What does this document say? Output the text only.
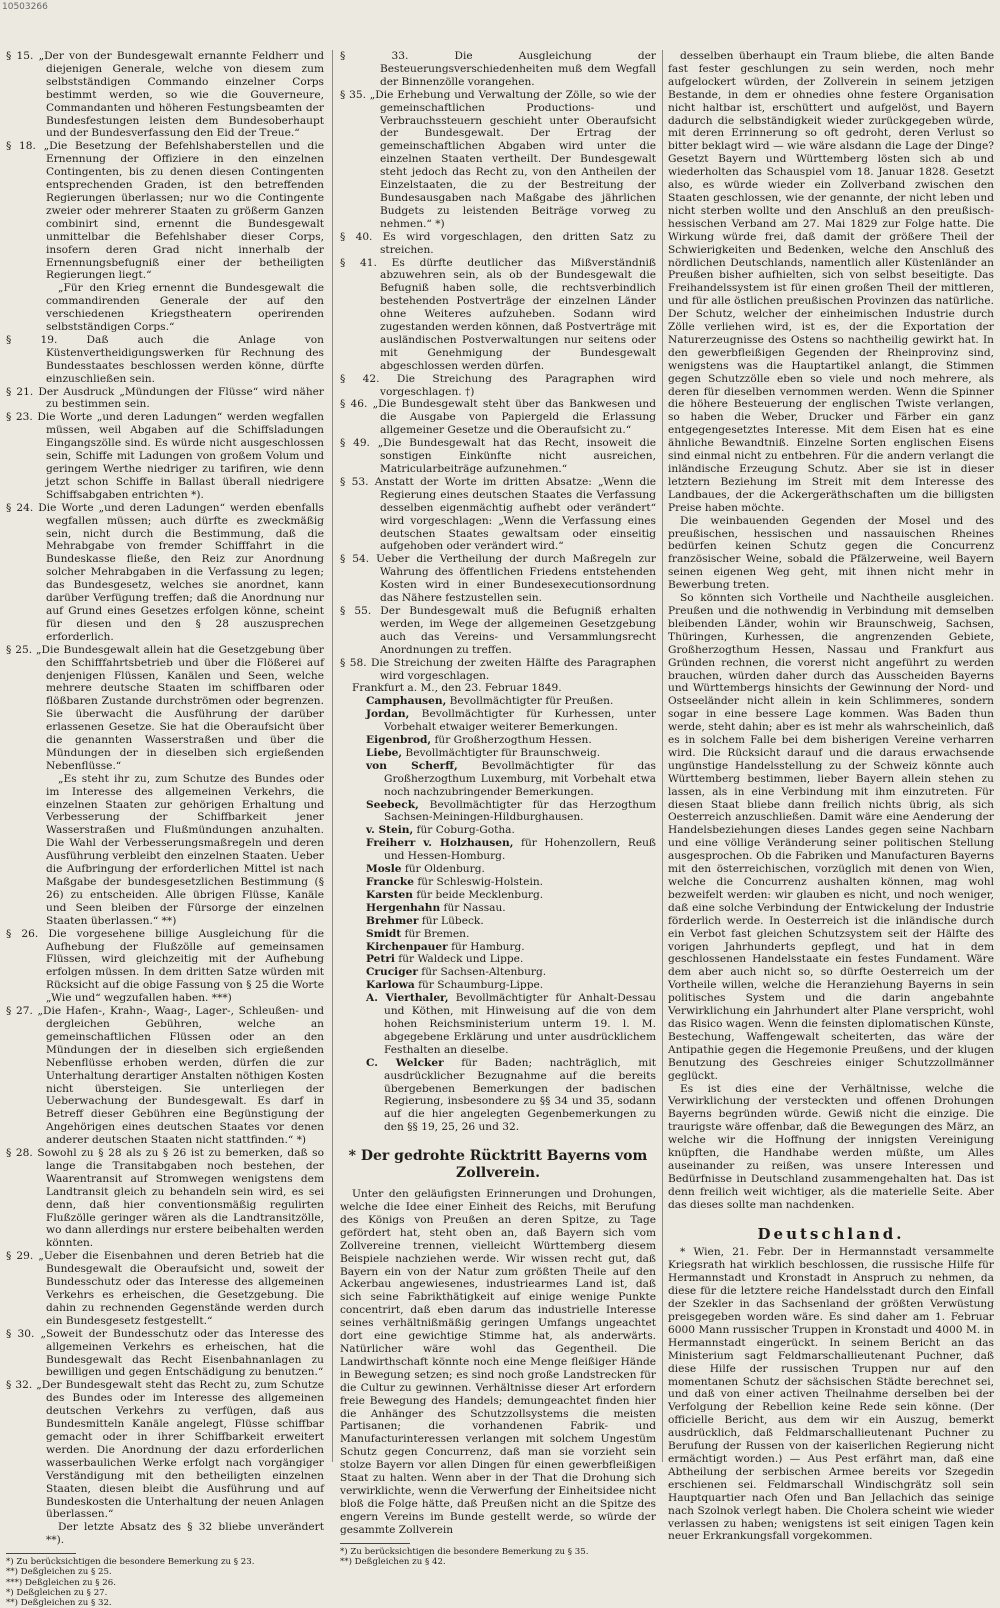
10503266

§ 15. „Der von der Bundesgewalt ernannte Feldherr und diejenigen Generale, welche von diesem zum selbstständigen Commando einzelner Corps bestimmt werden, so wie die Gouverneure, Commandanten und höheren Festungsbeamten der Bundesfestungen leisten dem Bundesoberhaupt und der Bundesverfassung den Eid der Treue.“

§ 18. „Die Besetzung der Befehlshaberstellen und die Ernennung der Offiziere in den einzelnen Contingenten, bis zu denen diesen Contingenten entsprechenden Graden, ist den betreffenden Regierungen überlassen; nur wo die Contingente zweier oder mehrerer Staaten zu größerm Ganzen combinirt sind, ernennt die Bundesgewalt unmittelbar die Befehlshaber dieser Corps, insofern deren Grad nicht innerhalb der Ernennungsbefugniß einer der betheiligten Regierungen liegt.“

„Für den Krieg ernennt die Bundesgewalt die commandirenden Generale der auf den verschiedenen Kriegstheatern operirenden selbstständigen Corps.“

§ 19. Daß auch die Anlage von Küstenvertheidigungswerken für Rechnung des Bundesstaates beschlossen werden könne, dürfte einzuschließen sein.

§ 21. Der Ausdruck „Mündungen der Flüsse“ wird näher zu bestimmen sein.

§ 23. Die Worte „und deren Ladungen“ werden wegfallen müssen, weil Abgaben auf die Schiffsladungen Eingangszölle sind. Es würde nicht ausgeschlossen sein, Schiffe mit Ladungen von großem Volum und geringem Werthe niedriger zu tarifiren, wie denn jetzt schon Schiffe in Ballast überall niedrigere Schiffsabgaben entrichten *).

§ 24. Die Worte „und deren Ladungen“ werden ebenfalls wegfallen müssen; auch dürfte es zweckmäßig sein, nicht durch die Bestimmung, daß die Mehrabgabe von fremder Schifffahrt in die Bundeskasse fließe, den Reiz zur Anordnung solcher Mehrabgaben in die Verfassung zu legen; das Bundesgesetz, welches sie anordnet, kann darüber Verfügung treffen; daß die Anordnung nur auf Grund eines Gesetzes erfolgen könne, scheint für diesen und den § 28 auszusprechen erforderlich.

§ 25. „Die Bundesgewalt allein hat die Gesetzgebung über den Schifffahrtsbetrieb und über die Flößerei auf denjenigen Flüssen, Kanälen und Seen, welche mehrere deutsche Staaten im schiffbaren oder flößbaren Zustande durchströmen oder begrenzen. Sie überwacht die Ausführung der darüber erlassenen Gesetze. Sie hat die Oberaufsicht über die genannten Wasserstraßen und über die Mündungen der in dieselben sich ergießenden Nebenflüsse.“

„Es steht ihr zu, zum Schutze des Bundes oder im Interesse des allgemeinen Verkehrs, die einzelnen Staaten zur gehörigen Erhaltung und Verbesserung der Schiffbarkeit jener Wasserstraßen und Flußmündungen anzuhalten. Die Wahl der Verbesserungsmaßregeln und deren Ausführung verbleibt den einzelnen Staaten. Ueber die Aufbringung der erforderlichen Mittel ist nach Maßgabe der bundesgesetzlichen Bestimmung (§ 26) zu entscheiden. Alle übrigen Flüsse, Kanäle und Seen bleiben der Fürsorge der einzelnen Staaten überlassen.“ **)

§ 26. Die vorgesehene billige Ausgleichung für die Aufhebung der Flußzölle auf gemeinsamen Flüssen, wird gleichzeitig mit der Aufhebung erfolgen müssen. In dem dritten Satze würden mit Rücksicht auf die obige Fassung von § 25 die Worte „Wie und“ wegzufallen haben. ***)

§ 27. „Die Hafen-, Krahn-, Waag-, Lager-, Schleußen- und dergleichen Gebühren, welche an gemeinschaftlichen Flüssen oder an den Mündungen der in dieselben sich ergießenden Nebenflüsse erhoben werden, dürfen die zur Unterhaltung derartiger Anstalten nöthigen Kosten nicht übersteigen. Sie unterliegen der Ueberwachung der Bundesgewalt. Es darf in Betreff dieser Gebühren eine Begünstigung der Angehörigen eines deutschen Staates vor denen anderer deutschen Staaten nicht stattfinden.“ *)

§ 28. Sowohl zu § 28 als zu § 26 ist zu bemerken, daß so lange die Transitabgaben noch bestehen, der Waarentransit auf Stromwegen wenigstens dem Landtransit gleich zu behandeln sein wird, es sei denn, daß hier conventionsmäßig regulirten Flußzölle geringer wären als die Landtransitzölle, wo dann allerdings nur erstere beibehalten werden könnten.

§ 29. „Ueber die Eisenbahnen und deren Betrieb hat die Bundesgewalt die Oberaufsicht und, soweit der Bundesschutz oder das Interesse des allgemeinen Verkehrs es erheischen, die Gesetzgebung. Die dahin zu rechnenden Gegenstände werden durch ein Bundesgesetz festgestellt.“

§ 30. „Soweit der Bundesschutz oder das Interesse des allgemeinen Verkehrs es erheischen, hat die Bundesgewalt das Recht Eisenbahnanlagen zu bewilligen und gegen Entschädigung zu benutzen.“

§ 32. „Der Bundesgewalt steht das Recht zu, zum Schutze des Bundes oder im Interesse des allgemeinen deutschen Verkehrs zu verfügen, daß aus Bundesmitteln Kanäle angelegt, Flüsse schiffbar gemacht oder in ihrer Schiffbarkeit erweitert werden. Die Anordnung der dazu erforderlichen wasserbaulichen Werke erfolgt nach vorgängiger Verständigung mit den betheiligten einzelnen Staaten, diesen bleibt die Ausführung und auf Bundeskosten die Unterhaltung der neuen Anlagen überlassen.“

Der letzte Absatz des § 32 bliebe unverändert **).

*) Zu berücksichtigen die besondere Bemerkung zu § 23.

**) Deßgleichen zu § 25.

***) Deßgleichen zu § 26.

*) Deßgleichen zu § 27.

**) Deßgleichen zu § 32.

§ 33. Die Ausgleichung der Besteuerungsverschiedenheiten muß dem Wegfall der Binnenzölle vorangehen.

§ 35. „Die Erhebung und Verwaltung der Zölle, so wie der gemeinschaftlichen Productions- und Verbrauchssteuern geschieht unter Oberaufsicht der Bundesgewalt. Der Ertrag der gemeinschaftlichen Abgaben wird unter die einzelnen Staaten vertheilt. Der Bundesgewalt steht jedoch das Recht zu, von den Antheilen der Einzelstaaten, die zu der Bestreitung der Bundesausgaben nach Maßgabe des jährlichen Budgets zu leistenden Beiträge vorweg zu nehmen.“ *)

§ 40. Es wird vorgeschlagen, den dritten Satz zu streichen.

§ 41. Es dürfte deutlicher das Mißverständniß abzuwehren sein, als ob der Bundesgewalt die Befugniß haben solle, die rechtsverbindlich bestehenden Postverträge der einzelnen Länder ohne Weiteres aufzuheben. Sodann wird zugestanden werden können, daß Postverträge mit ausländischen Postverwaltungen nur seitens oder mit Genehmigung der Bundesgewalt abgeschlossen werden dürfen.

§ 42. Die Streichung des Paragraphen wird vorgeschlagen. †)

§ 46. „Die Bundesgewalt steht über das Bankwesen und die Ausgabe von Papiergeld die Erlassung allgemeiner Gesetze und die Oberaufsicht zu.“

§ 49. „Die Bundesgewalt hat das Recht, insoweit die sonstigen Einkünfte nicht ausreichen, Matricularbeiträge aufzunehmen.“

§ 53. Anstatt der Worte im dritten Absatze: „Wenn die Regierung eines deutschen Staates die Verfassung desselben eigenmächtig aufhebt oder verändert“ wird vorgeschlagen: „Wenn die Verfassung eines deutschen Staates gewaltsam oder einseitig aufgehoben oder verändert wird.“

§ 54. Ueber die Vertheilung der durch Maßregeln zur Wahrung des öffentlichen Friedens entstehenden Kosten wird in einer Bundesexecutionsordnung das Nähere festzustellen sein.

§ 55. Der Bundesgewalt muß die Befugniß erhalten werden, im Wege der allgemeinen Gesetzgebung auch das Vereins- und Versammlungsrecht Anordnungen zu treffen.

§ 58. Die Streichung der zweiten Hälfte des Paragraphen wird vorgeschlagen.

Frankfurt a. M., den 23. Februar 1849.

Camphausen, Bevollmächtigter für Preußen.

Jordan, Bevollmächtigter für Kurhessen, unter Vorbehalt etwaiger weiterer Bemerkungen.

Eigenbrod, für Großherzogthum Hessen.

Liebe, Bevollmächtigter für Braunschweig.

von Scherff, Bevollmächtigter für das Großherzogthum Luxemburg, mit Vorbehalt etwa noch nachzubringender Bemerkungen.

Seebeck, Bevollmächtigter für das Herzogthum Sachsen-Meiningen-Hildburghausen.

v. Stein, für Coburg-Gotha.

Freiherr v. Holzhausen, für Hohenzollern, Reuß und Hessen-Homburg.

Mosle für Oldenburg.

Francke für Schleswig-Holstein.

Karsten für beide Mecklenburg.

Hergenhahn für Nassau.

Brehmer für Lübeck.

Smidt für Bremen.

Kirchenpauer für Hamburg.

Petri für Waldeck und Lippe.

Cruciger für Sachsen-Altenburg.

Karlowa für Schaumburg-Lippe.

A. Vierthaler, Bevollmächtigter für Anhalt-Dessau und Köthen, mit Hinweisung auf die von dem hohen Reichsministerium unterm 19. l. M. abgegebene Erklärung und unter ausdrücklichem Festhalten an dieselbe.

C. Welcker für Baden; nachträglich, mit ausdrücklicher Bezugnahme auf die bereits übergebenen Bemerkungen der badischen Regierung, insbesondere zu §§ 34 und 35, sodann auf die hier angelegten Gegenbemerkungen zu den §§ 19, 25, 26 und 32.

* Der gedrohte Rücktritt Bayerns vom Zollverein.

Unter den geläufigsten Erinnerungen und Drohungen, welche die Idee einer Einheit des Reichs, mit Berufung des Königs von Preußen an deren Spitze, zu Tage gefördert hat, steht oben an, daß Bayern sich vom Zollvereine trennen, vielleicht Württemberg diesem Beispiele nachziehen werde. Wir wissen recht gut, daß Bayern ein von der Natur zum größten Theile auf den Ackerbau angewiesenes, industriearmes Land ist, daß sich seine Fabrikthätigkeit auf einige wenige Punkte concentrirt, daß eben darum das industrielle Interesse seines verhältnißmäßig geringen Umfangs ungeachtet dort eine gewichtige Stimme hat, als anderwärts. Natürlicher wäre wohl das Gegentheil. Die Landwirthschaft könnte noch eine Menge fleißiger Hände in Bewegung setzen; es sind noch große Landstrecken für die Cultur zu gewinnen. Verhältnisse dieser Art erfordern freie Bewegung des Handels; demungeachtet finden hier die Anhänger des Schutzzollsystems die meisten Partisanen; die vorhandenen Fabrik- und Manufacturinteressen verlangen mit solchem Ungestüm Schutz gegen Concurrenz, daß man sie vorzieht sein stolze Bayern vor allen Dingen für einen gewerbfleißigen Staat zu halten. Wenn aber in der That die Drohung sich verwirklichte, wenn die Verwerfung der Einheitsidee nicht bloß die Folge hätte, daß Preußen nicht an die Spitze des engern Vereins im Bunde gestellt werde, so würde der gesammte Zollverein

*) Zu berücksichtigen die besondere Bemerkung zu § 35.

**) Deßgleichen zu § 42.

desselben überhaupt ein Traum bliebe, die alten Bande fast fester geschlungen zu sein werden, noch mehr aufgelockert würden, der Zollverein in seinem jetzigen Bestande, in dem er ohnedies ohne festere Organisation nicht haltbar ist, erschüttert und aufgelöst, und Bayern dadurch die selbständigkeit wieder zurückgegeben würde, mit deren Errinnerung so oft gedroht, deren Verlust so bitter beklagt wird — wie wäre alsdann die Lage der Dinge? Gesetzt Bayern und Württemberg lösten sich ab und wiederholten das Schauspiel vom 18. Januar 1828. Gesetzt also, es würde wieder ein Zollverband zwischen den Staaten geschlossen, wie der genannte, der nicht leben und nicht sterben wollte und den Anschluß an den preußisch-hessischen Verband am 27. Mai 1829 zur Folge hatte. Die Wirkung würde frei, daß damit der größere Theil der Schwierigkeiten und Bedenken, welche den Anschluß des nördlichen Deutschlands, namentlich aller Küstenländer an Preußen bisher aufhielten, sich von selbst beseitigte. Das Freihandelssystem ist für einen großen Theil der mittleren, und für alle östlichen preußischen Provinzen das natürliche. Der Schutz, welcher der einheimischen Industrie durch Zölle verliehen wird, ist es, der die Exportation der Naturerzeugnisse des Ostens so nachtheilig gewirkt hat. In den gewerbfleißigen Gegenden der Rheinprovinz sind, wenigstens was die Hauptartikel anlangt, die Stimmen gegen Schutzzölle eben so viele und noch mehrere, als deren für dieselben vernommen werden. Wenn die Spinner die höhere Besteuerung der englischen Twiste verlangen, so haben die Weber, Drucker und Färber ein ganz entgegengesetztes Interesse. Mit dem Eisen hat es eine ähnliche Bewandtniß. Einzelne Sorten englischen Eisens sind einmal nicht zu entbehren. Für die andern verlangt die inländische Erzeugung Schutz. Aber sie ist in dieser letztern Beziehung im Streit mit dem Interesse des Landbaues, der die Ackergeräthschaften um die billigsten Preise haben möchte.

Die weinbauenden Gegenden der Mosel und des preußischen, hessischen und nassauischen Rheines bedürfen keinen Schutz gegen die Concurrenz französischer Weine, sobald die Pfälzerweine, weil Bayern seinen eigenen Weg geht, mit ihnen nicht mehr in Bewerbung treten.

So könnten sich Vortheile und Nachtheile ausgleichen. Preußen und die nothwendig in Verbindung mit demselben bleibenden Länder, wohin wir Braunschweig, Sachsen, Thüringen, Kurhessen, die angrenzenden Gebiete, Großherzogthum Hessen, Nassau und Frankfurt aus Gründen rechnen, die vorerst nicht angeführt zu werden brauchen, würden daher durch das Ausscheiden Bayerns und Württembergs hinsichts der Gewinnung der Nord- und Ostseeländer nicht allein in kein Schlimmeres, sondern sogar in eine bessere Lage kommen. Was Baden thun werde, steht dahin; aber es ist mehr als wahrscheinlich, daß es in solchem Falle bei dem bisherigen Vereine verharren wird. Die Rücksicht darauf und die daraus erwachsende ungünstige Handelsstellung zu der Schweiz könnte auch Württemberg bestimmen, lieber Bayern allein stehen zu lassen, als in eine Verbindung mit ihm einzutreten. Für diesen Staat bliebe dann freilich nichts übrig, als sich Oesterreich anzuschließen. Damit wäre eine Aenderung der Handelsbeziehungen dieses Landes gegen seine Nachbarn und eine völlige Veränderung seiner politischen Stellung ausgesprochen. Ob die Fabriken und Manufacturen Bayerns mit den österreichischen, vorzüglich mit denen von Wien, welche die Concurrenz aushalten können, mag wohl bezweifelt werden: wir glauben es nicht, und noch weniger, daß eine solche Verbindung der Entwickelung der Industrie förderlich werde. In Oesterreich ist die inländische durch ein Verbot fast gleichen Schutzsystem seit der Hälfte des vorigen Jahrhunderts gepflegt, und hat in dem geschlossenen Handelsstaate ein festes Fundament. Wäre dem aber auch nicht so, so dürfte Oesterreich um der Vortheile willen, welche die Heranziehung Bayerns in sein politisches System und die darin angebahnte Verwirklichung ein Jahrhundert alter Plane verspricht, wohl das Risico wagen. Wenn die feinsten diplomatischen Künste, Bestechung, Waffengewalt scheiterten, das wäre der Antipathie gegen die Hegemonie Preußens, und der klugen Benutzung des Geschreies einiger Schutzzollmänner geglückt.

Es ist dies eine der Verhältnisse, welche die Verwirklichung der versteckten und offenen Drohungen Bayerns begründen würde. Gewiß nicht die einzige. Die traurigste wäre offenbar, daß die Bewegungen des März, an welche wir die Hoffnung der innigsten Vereinigung knüpften, die Handhabe werden müßte, um Alles auseinander zu reißen, was unsere Interessen und Bedürfnisse in Deutschland zusammengehalten hat. Das ist denn freilich weit wichtiger, als die materielle Seite. Aber das dieses sollte man nachdenken.

Deutschland.

* Wien, 21. Febr. Der in Hermannstadt versammelte Kriegsrath hat wirklich beschlossen, die russische Hilfe für Hermannstadt und Kronstadt in Anspruch zu nehmen, da diese für die letztere reiche Handelsstadt durch den Einfall der Szekler in das Sachsenland der größten Verwüstung preisgegeben worden wäre. Es sind daher am 1. Februar 6000 Mann russischer Truppen in Kronstadt und 4000 M. in Hermannstadt eingerückt. In seinem Bericht an das Ministerium sagt Feldmarschallieutenant Puchner, daß diese Hilfe der russischen Truppen nur auf den momentanen Schutz der sächsischen Städte berechnet sei, und daß von einer activen Theilnahme derselben bei der Verfolgung der Rebellion keine Rede sein könne. (Der officielle Bericht, aus dem wir ein Auszug, bemerkt ausdrücklich, daß Feldmarschallieutenant Puchner zu Berufung der Russen von der kaiserlichen Regierung nicht ermächtigt worden.) — Aus Pest erfährt man, daß eine Abtheilung der serbischen Armee bereits vor Szegedin erschienen sei. Feldmarschall Windischgrätz soll sein Hauptquartier nach Ofen und Ban Jellachich das seinige nach Szolnok verlegt haben. Die Cholera scheint wie wieder verlassen zu haben; wenigstens ist seit einigen Tagen kein neuer Erkrankungsfall vorgekommen.
